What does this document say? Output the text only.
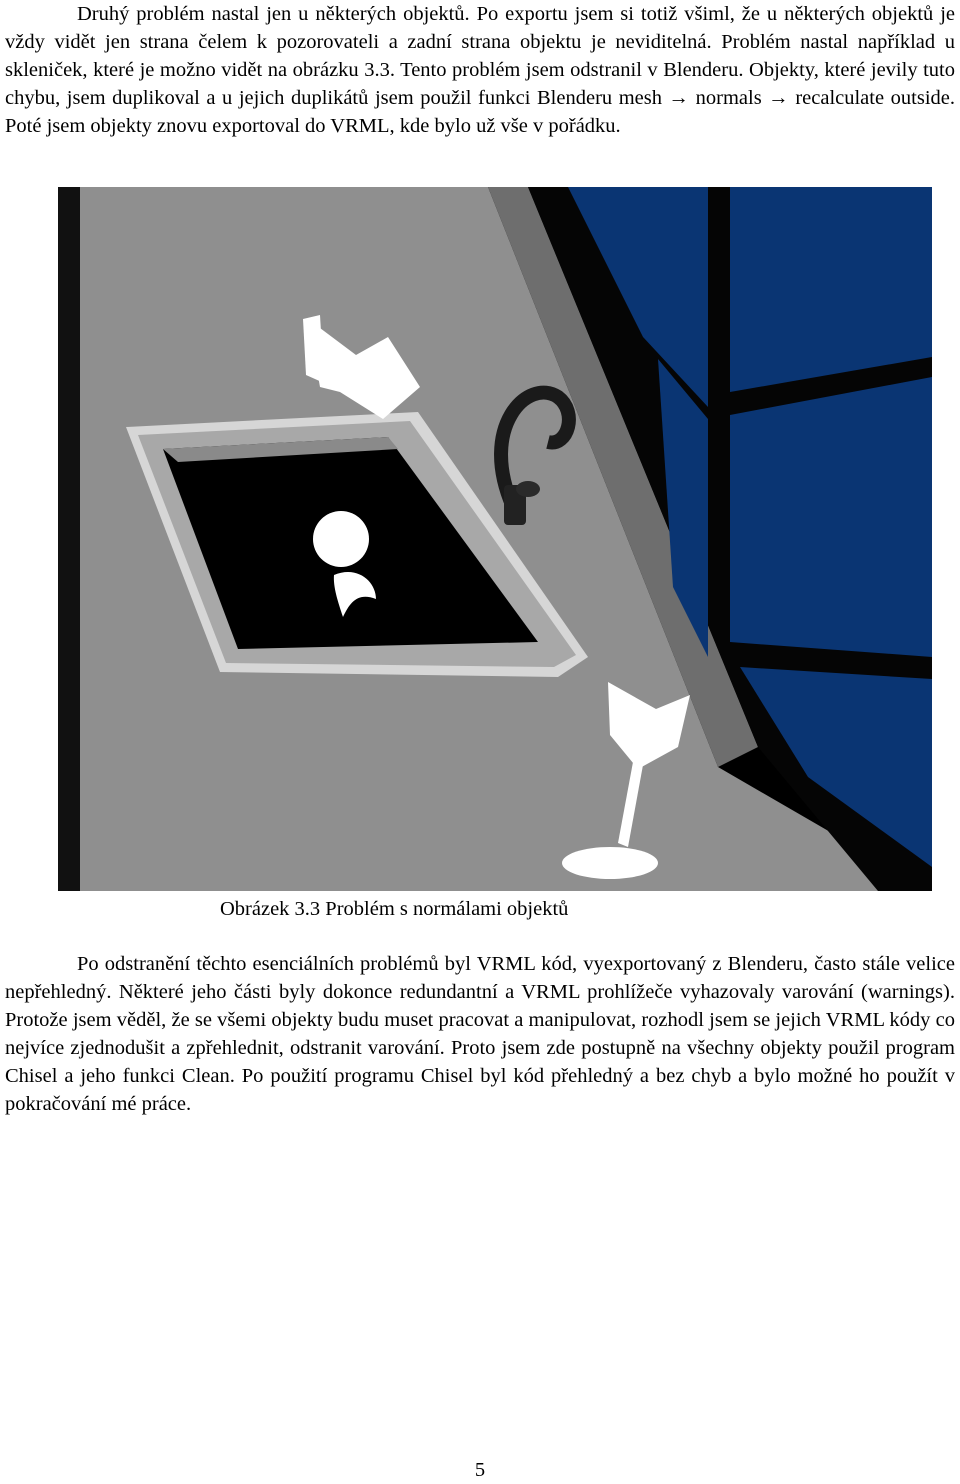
Druhý problém nastal jen u některých objektů. Po exportu jsem si totiž všiml, že u některých objektů je vždy vidět jen strana čelem k pozorovateli a zadní strana objektu je neviditelná. Problém nastal například u skleniček, které je možno vidět na obrázku 3.3. Tento problém jsem odstranil v Blenderu. Objekty, které jevily tuto chybu, jsem duplikoval a u jejich duplikátů jsem použil funkci Blenderu mesh → normals → recalculate outside. Poté jsem objekty znovu exportoval do VRML, kde bylo už vše v pořádku.

Obrázek 3.3 Problém s normálami objektů

Po odstranění těchto esenciálních problémů byl VRML kód, vyexportovaný z Blenderu, často stále velice nepřehledný. Některé jeho části byly dokonce redundantní a VRML prohlížeče vyhazovaly varování (warnings). Protože jsem věděl, že se všemi objekty budu muset pracovat a manipulovat, rozhodl jsem se jejich VRML kódy co nejvíce zjednodušit a zpřehlednit, odstranit varování. Proto jsem zde postupně na všechny objekty použil program Chisel a jeho funkci Clean. Po použití programu Chisel byl kód přehledný a bez chyb a bylo možné ho použít v pokračování mé práce.

5
